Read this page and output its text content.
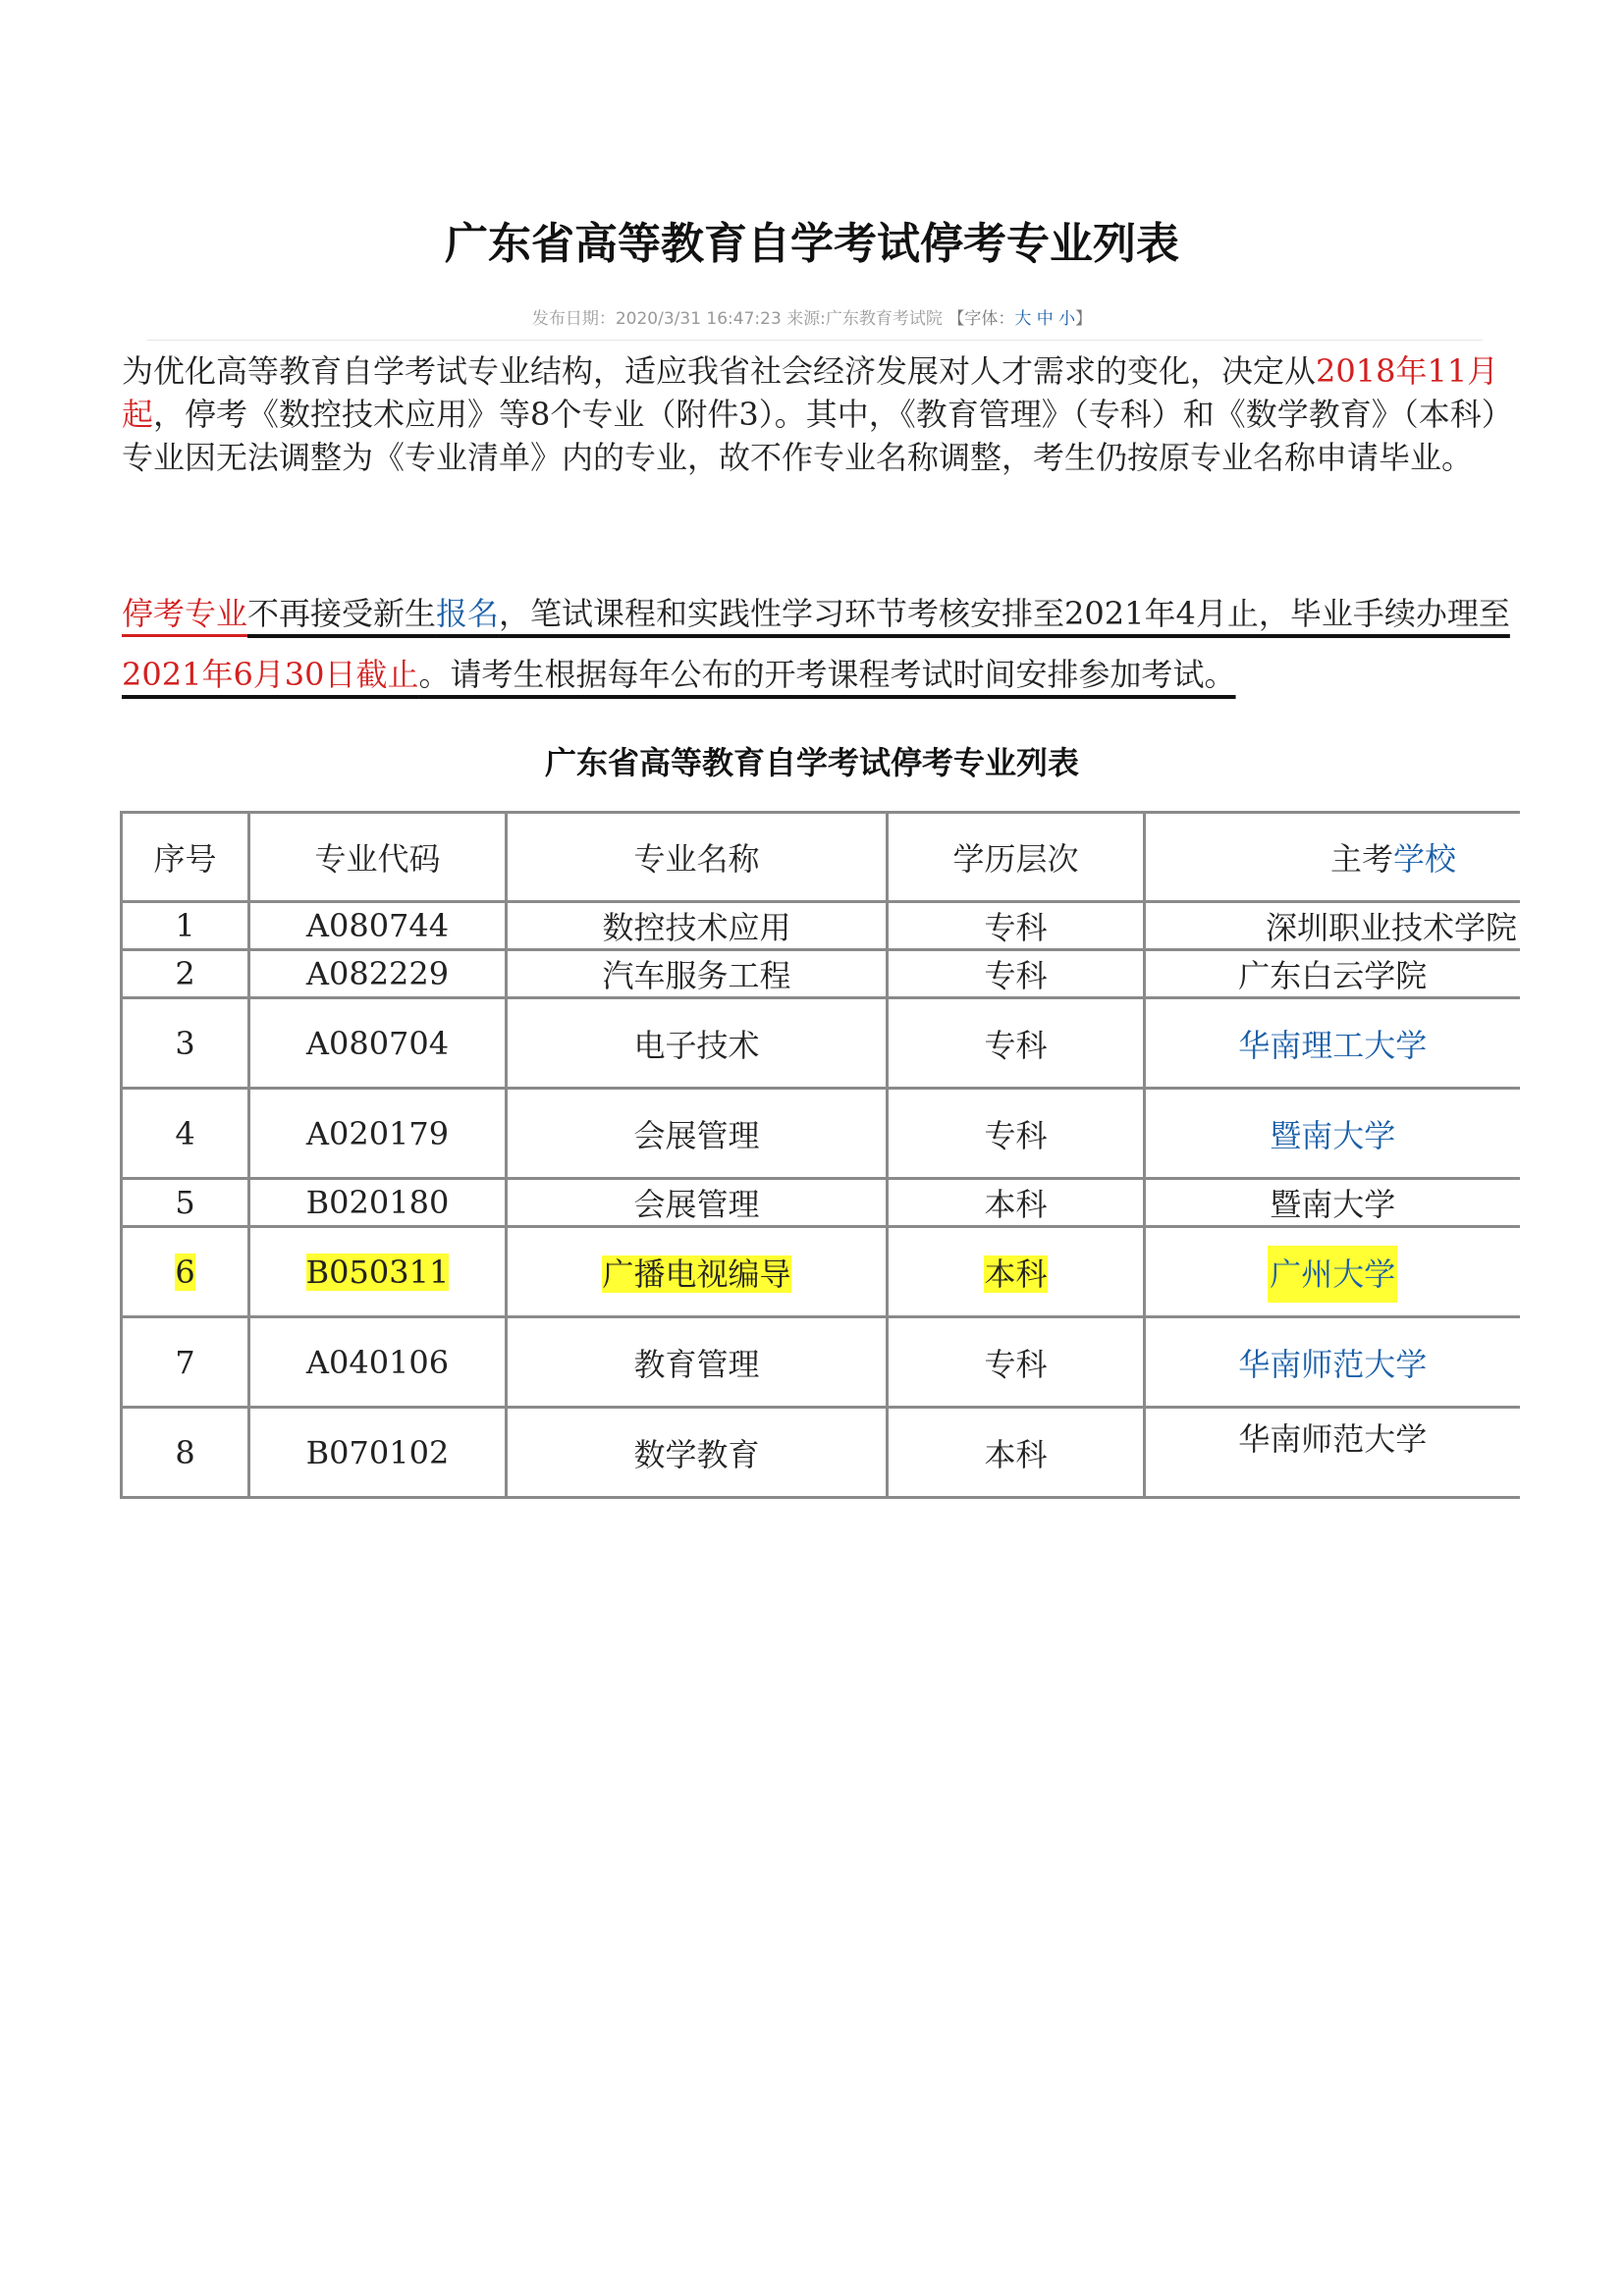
广东省高等教育自学考试停考专业列表
发布日期：2020/3/31 16:47:23 来源:广东教育考试院 【字体：大 中 小】

为优化高等教育自学考试专业结构，适应我省社会经济发展对人才需求的变化，决定从2018年11月起，停考《数控技术应用》等8个专业（附件3）。其中，《教育管理》（专科）和《数学教育》（本科）专业因无法调整为《专业清单》内的专业，故不作专业名称调整，考生仍按原专业名称申请毕业。

停考专业不再接受新生报名，笔试课程和实践性学习环节考核安排至2021年4月止，毕业手续办理至2021年6月30日截止。请考生根据每年公布的开考课程考试时间安排参加考试。

广东省高等教育自学考试停考专业列表
序号	专业代码	专业名称	学历层次	主考学校
1	A080744	数控技术应用	专科	深圳职业技术学院
2	A082229	汽车服务工程	专科	广东白云学院
3	A080704	电子技术	专科	华南理工大学
4	A020179	会展管理	专科	暨南大学
5	B020180	会展管理	本科	暨南大学
6	B050311	广播电视编导	本科	广州大学
7	A040106	教育管理	专科	华南师范大学
8	B070102	数学教育	本科	华南师范大学
